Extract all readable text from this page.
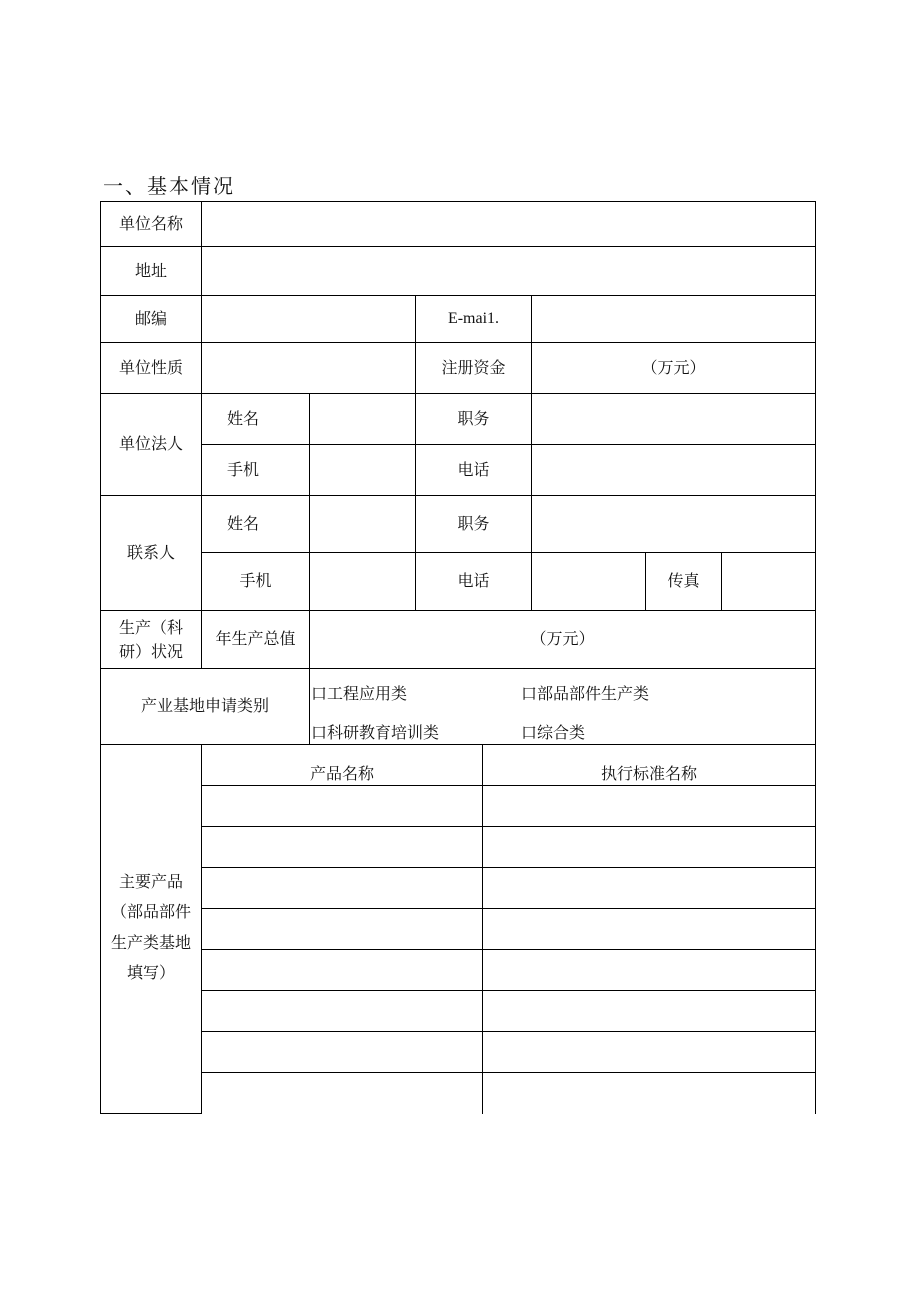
一、基本情况
单位名称
地址
邮编	E-mai1.
单位性质	注册资金	（万元）
单位法人
姓名	职务
手机	电话
联系人
姓名	职务
手机	电话	传真
生产（科
研）状况
年生产总值	（万元）
产业基地申请类别
口工程应用类	口部品部件生产类
口科研教育培训类	口综合类
主要产品
（部品部件
生产类基地
填写）
产品名称	执行标准名称
